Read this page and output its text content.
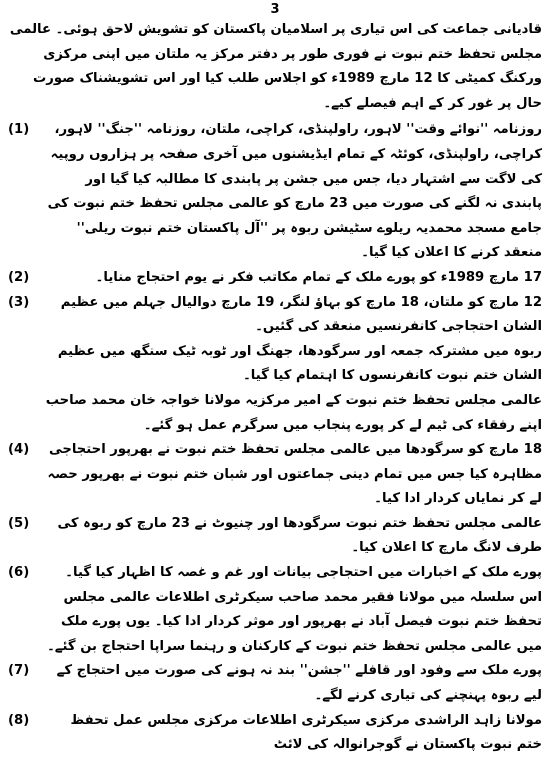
3

قادیانی جماعت کی اس تیاری پر اسلامیان پاکستان کو تشویش لاحق ہوئی۔ عالمی مجلس تحفظ ختم نبوت نے فوری طور پر دفتر مرکز یہ ملتان میں اپنی مرکزی ورکنگ کمیٹی کا 12 مارچ 1989ء کو اجلاس طلب کیا اور اس تشویشناک صورت حال پر غور کر کے اہم فیصلے کیے۔

روزنامہ ''نوائے وقت'' لاہور، راولپنڈی، کراچی، ملتان، روزنامہ ''جنگ'' لاہور، کراچی، راولپنڈی، کوئٹہ کے تمام ایڈیشنوں میں آخری صفحہ پر ہزاروں روپیہ کی لاگت سے اشتہار دیا، جس میں جشن پر پابندی کا مطالبہ کیا گیا اور پابندی نہ لگنے کی صورت میں 23 مارچ کو عالمی مجلس تحفظ ختم نبوت کی جامع مسجد محمدیہ ریلوے سٹیشن ربوہ پر ''آل پاکستان ختم نبوت ریلی'' منعقد کرنے کا اعلان کیا گیا۔

(1)

17 مارچ 1989ء کو پورے ملک کے تمام مکاتب فکر نے یوم احتجاج منایا۔

(2)

12 مارچ کو ملتان، 18 مارچ کو بہاؤ لنگر، 19 مارچ دوالیال جہلم میں عظیم الشان احتجاجی کانفرنسیں منعقد کی گئیں۔

ربوہ میں مشترکہ جمعہ اور سرگودھا، جھنگ اور ٹوبہ ٹیک سنگھ میں عظیم الشان ختم نبوت کانفرنسوں کا اہتمام کیا گیا۔

عالمی مجلس تحفظ ختم نبوت کے امیر مرکزیہ مولانا خواجہ خان محمد صاحب اپنے رفقاء کی ٹیم لے کر پورے پنجاب میں سرگرم عمل ہو گئے۔

(3)

18 مارچ کو سرگودھا میں عالمی مجلس تحفظ ختم نبوت نے بھرپور احتجاجی مظاہرہ کیا جس میں تمام دینی جماعتوں اور شبان ختم نبوت نے بھرپور حصہ لے کر نمایاں کردار ادا کیا۔

(4)

عالمی مجلس تحفظ ختم نبوت سرگودھا اور چنیوٹ نے 23 مارچ کو ربوہ کی طرف لانگ مارچ کا اعلان کیا۔

(5)

پورے ملک کے اخبارات میں احتجاجی بیانات اور غم و غصہ کا اظہار کیا گیا۔ اس سلسلہ میں مولانا فقیر محمد صاحب سیکرٹری اطلاعات عالمی مجلس تحفظ ختم نبوت فیصل آباد نے بھرپور اور موثر کردار ادا کیا۔ یوں پورے ملک میں عالمی مجلس تحفظ ختم نبوت کے کارکنان و رہنما سراپا احتجاج بن گئے۔

(6)

پورے ملک سے وفود اور قافلے ''جشن'' بند نہ ہونے کی صورت میں احتجاج کے لیے ربوہ پہنچنے کی تیاری کرنے لگے۔

(7)

مولانا زاہد الراشدی مرکزی سیکرٹری اطلاعات مرکزی مجلس عمل تحفظ ختم نبوت پاکستان نے گوجرانوالہ کی لائٹ

(8)
